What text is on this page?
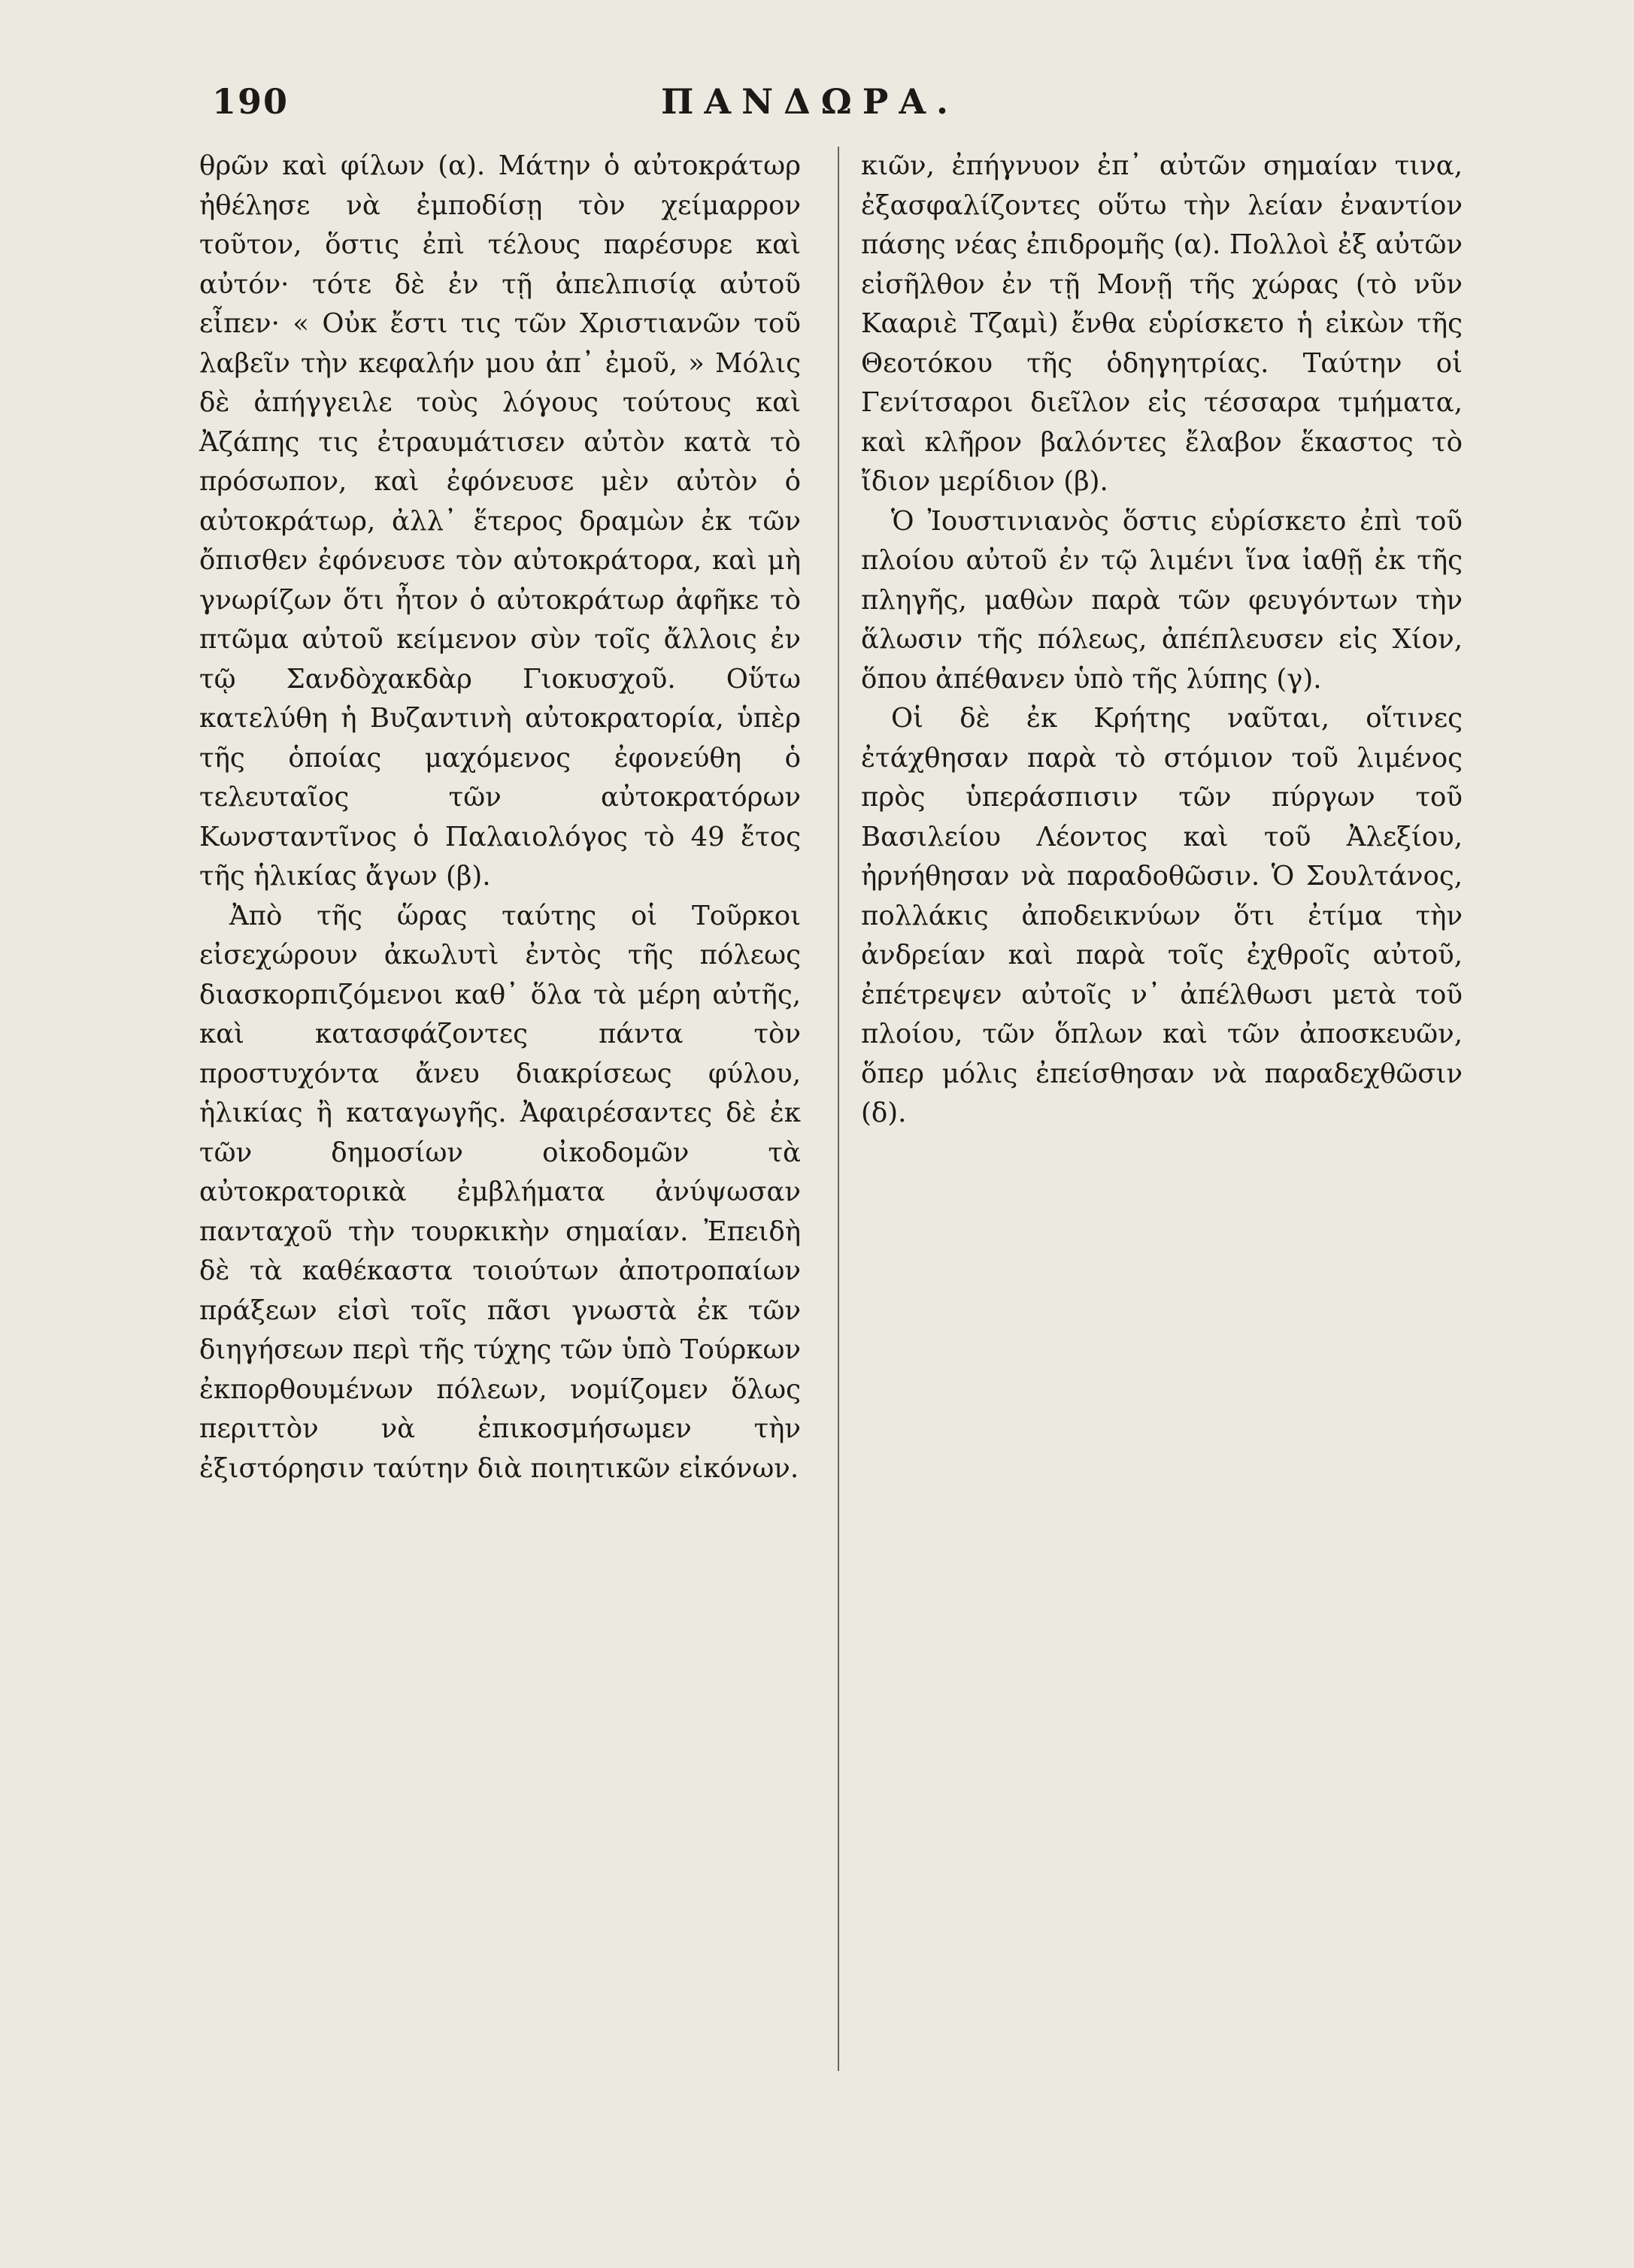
190	ΠΑΝΔΩΡΑ.

θρῶν καὶ φίλων (α). Μάτην ὁ αὐτοκράτωρ ἠθέλησε νὰ ἐμποδίσῃ τὸν χείμαρρον τοῦτον, ὅστις ἐπὶ τέλους παρέσυρε καὶ αὐτόν· τότε δὲ ἐν τῇ ἀπελπισίᾳ αὐτοῦ εἶπεν· « Οὐκ ἔστι τις τῶν Χριστιανῶν τοῦ λαβεῖν τὴν κεφαλήν μου ἀπ᾽ ἐμοῦ, » Μόλις δὲ ἀπήγγειλε τοὺς λόγους τούτους καὶ Ἀζάπης τις ἐτραυμάτισεν αὐτὸν κατὰ τὸ πρόσωπον, καὶ ἐφόνευσε μὲν αὐτὸν ὁ αὐτοκράτωρ, ἀλλ᾽ ἕτερος δραμὼν ἐκ τῶν ὄπισθεν ἐφόνευσε τὸν αὐτοκράτορα, καὶ μὴ γνωρίζων ὅτι ἦτον ὁ αὐτοκράτωρ ἀφῆκε τὸ πτῶμα αὐτοῦ κείμενον σὺν τοῖς ἄλλοις ἐν τῷ Σανδὸχακδὰρ Γιοκυσχοῦ. Οὕτω κατελύθη ἡ Βυζαντινὴ αὐτοκρατορία, ὑπὲρ τῆς ὁποίας μαχόμενος ἐφονεύθη ὁ τελευταῖος τῶν αὐτοκρατόρων Κωνσταντῖνος ὁ Παλαιολόγος τὸ 49 ἔτος τῆς ἡλικίας ἄγων (β).

Ἀπὸ τῆς ὥρας ταύτης οἱ Τοῦρκοι εἰσεχώρουν ἀκωλυτὶ ἐντὸς τῆς πόλεως διασκορπιζόμενοι καθ᾽ ὅλα τὰ μέρη αὐτῆς, καὶ κατασφάζοντες πάντα τὸν προστυχόντα ἄνευ διακρίσεως φύλου, ἡλικίας ἢ καταγωγῆς. Ἀφαιρέσαντες δὲ ἐκ τῶν δημοσίων οἰκοδομῶν τὰ αὐτοκρατορικὰ ἐμβλήματα ἀνύψωσαν πανταχοῦ τὴν τουρκικὴν σημαίαν. Ἐπειδὴ δὲ τὰ καθέκαστα τοιούτων ἀποτροπαίων πράξεων εἰσὶ τοῖς πᾶσι γνωστὰ ἐκ τῶν διηγήσεων περὶ τῆς τύχης τῶν ὑπὸ Τούρκων ἐκπορθουμένων πόλεων, νομίζομεν ὅλως περιττὸν νὰ ἐπικοσμήσωμεν τὴν ἐξιστόρησιν ταύτην διὰ ποιητικῶν εἰκόνων.

κιῶν, ἐπήγνυον ἐπ᾽ αὐτῶν σημαίαν τινα, ἐξασφαλίζοντες οὕτω τὴν λείαν ἐναντίον πάσης νέας ἐπιδρομῆς (α). Πολλοὶ ἐξ αὐτῶν εἰσῆλθον ἐν τῇ Μονῇ τῆς χώρας (τὸ νῦν Κααριὲ Τζαμὶ) ἔνθα εὑρίσκετο ἡ εἰκὼν τῆς Θεοτόκου τῆς ὁδηγητρίας. Ταύτην οἱ Γενίτσαροι διεῖλον εἰς τέσσαρα τμήματα, καὶ κλῆρον βαλόντες ἔλαβον ἕκαστος τὸ ἴδιον μερίδιον (β).

Ὁ Ἰουστινιανὸς ὅστις εὑρίσκετο ἐπὶ τοῦ πλοίου αὐτοῦ ἐν τῷ λιμένι ἵνα ἰαθῇ ἐκ τῆς πληγῆς, μαθὼν παρὰ τῶν φευγόντων τὴν ἅλωσιν τῆς πόλεως, ἀπέπλευσεν εἰς Χίον, ὅπου ἀπέθανεν ὑπὸ τῆς λύπης (γ).

Οἱ δὲ ἐκ Κρήτης ναῦται, οἵτινες ἐτάχθησαν παρὰ τὸ στόμιον τοῦ λιμένος πρὸς ὑπεράσπισιν τῶν πύργων τοῦ Βασιλείου Λέοντος καὶ τοῦ Ἀλεξίου, ἠρνήθησαν νὰ παραδοθῶσιν. Ὁ Σουλτάνος, πολλάκις ἀποδεικνύων ὅτι ἐτίμα τὴν ἀνδρείαν καὶ παρὰ τοῖς ἐχθροῖς αὐτοῦ, ἐπέτρεψεν αὐτοῖς ν᾽ ἀπέλθωσι μετὰ τοῦ πλοίου, τῶν ὅπλων καὶ τῶν ἀποσκευῶν, ὅπερ μόλις ἐπείσθησαν νὰ παραδεχθῶσιν (δ).
